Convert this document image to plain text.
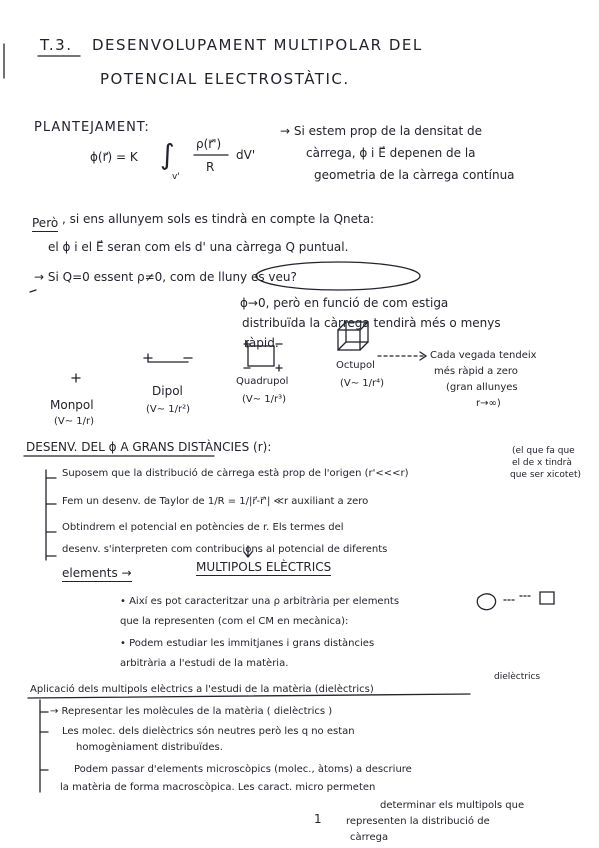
T.3. DESENVOLUPAMENT MULTIPOLAR DEL
POTENCIAL ELECTROSTÀTIC.
PLANTEJAMENT:
ϕ(r⃗) = K ∫
v'
ρ(r⃗')
R
dV'
→ Si estem prop de la densitat de
càrrega, ϕ i E⃗ depenen de la
geometria de la càrrega contínua
Però , si ens allunyem sols es tindrà en compte la Qneta:
el ϕ i el E⃗ seran com els d' una càrrega Q puntual.
→ Si Q=0 essent ρ≠0, com de lluny es veu?
ϕ→0, però en funció de com estiga
distribuïda la càrrega tendirà més o menys
ràpid.
Monpol
(V∼ 1/r)
Dipol
(V∼ 1/r²)
Quadrupol
(V∼ 1/r³)
Octupol
(V∼ 1/r⁴)
Cada vegada tendeix
més ràpid a zero
(gran allunyes
r→∞)
DESENV. DEL ϕ A GRANS DISTÀNCIES (r):
Suposem que la distribució de càrrega està prop de l'origen (r'<<<r)
Fem un desenv. de Taylor de 1/R = 1/|r⃗-r⃗'| ≪r auxiliant a zero
(el que fa que
el de x tindrà
que ser xicotet)
Obtindrem el potencial en potències de r. Els termes del
desenv. s'interpreten com contribucions al potencial de diferents
elements →	MULTIPOLS ELÈCTRICS
• Així es pot caracteritzar una ρ arbitrària per elements
que la representen (com el CM en mecànica):
• Podem estudiar les immitjanes i grans distàncies
arbitrària a l'estudi de la matèria.
Aplicació dels multipols elèctrics a l'estudi de la matèria (dielèctrics)
dielèctrics
→ Representar les molècules de la matèria ( dielèctrics )
Les molec. dels dielèctrics són neutres però les q no estan
homogèniament distribuïdes.
Podem passar d'elements microscòpics (molec., àtoms) a descriure
la matèria de forma macroscòpica. Les caract. micro permeten
determinar els multipols que
representen la distribució de
càrrega
1
